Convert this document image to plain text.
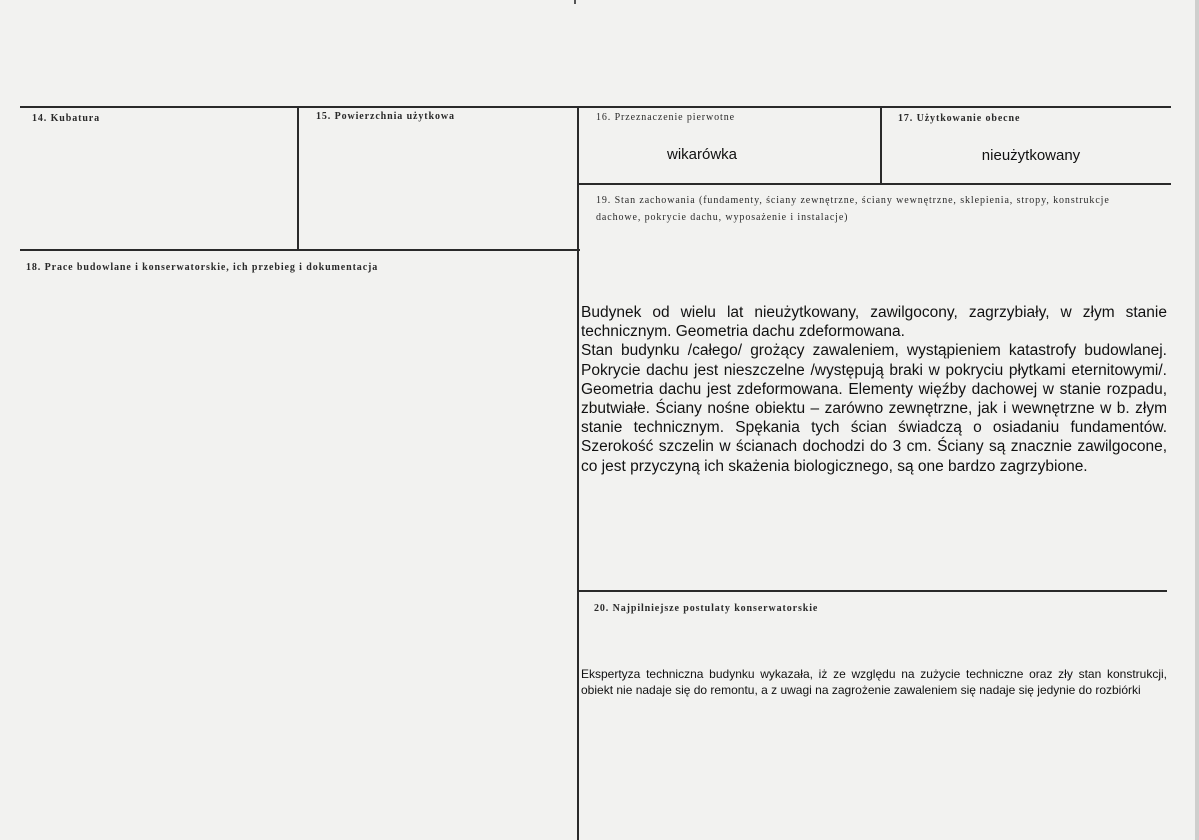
14. Kubatura	15. Powierzchnia użytkowa	16. Przeznaczenie pierwotne
wikarówka
17. Użytkowanie obecne
nieużytkowany
19. Stan zachowania (fundamenty, ściany zewnętrzne, ściany wewnętrzne, sklepienia, stropy, konstrukcje dachowe, pokrycie dachu, wyposażenie i instalacje)
Budynek od wielu lat nieużytkowany, zawilgocony, zagrzybiały, w złym stanie technicznym. Geometria dachu zdeformowana.
Stan budynku /całego/ grożący zawaleniem, wystąpieniem katastrofy budowlanej. Pokrycie dachu jest nieszczelne /występują braki w pokryciu płytkami eternitowymi/. Geometria dachu jest zdeformowana. Elementy więźby dachowej w stanie rozpadu, zbutwiałe. Ściany nośne obiektu – zarówno zewnętrzne, jak i wewnętrzne w b. złym stanie technicznym. Spękania tych ścian świadczą o osiadaniu fundamentów. Szerokość szczelin w ścianach dochodzi do 3 cm. Ściany są znacznie zawilgocone, co jest przyczyną ich skażenia biologicznego, są one bardzo zagrzybione.
18. Prace budowlane i konserwatorskie, ich przebieg i dokumentacja
20. Najpilniejsze postulaty konserwatorskie
Ekspertyza techniczna budynku wykazała, iż ze względu na zużycie techniczne oraz zły stan konstrukcji, obiekt nie nadaje się do remontu, a z uwagi na zagrożenie zawaleniem się nadaje się jedynie do rozbiórki
